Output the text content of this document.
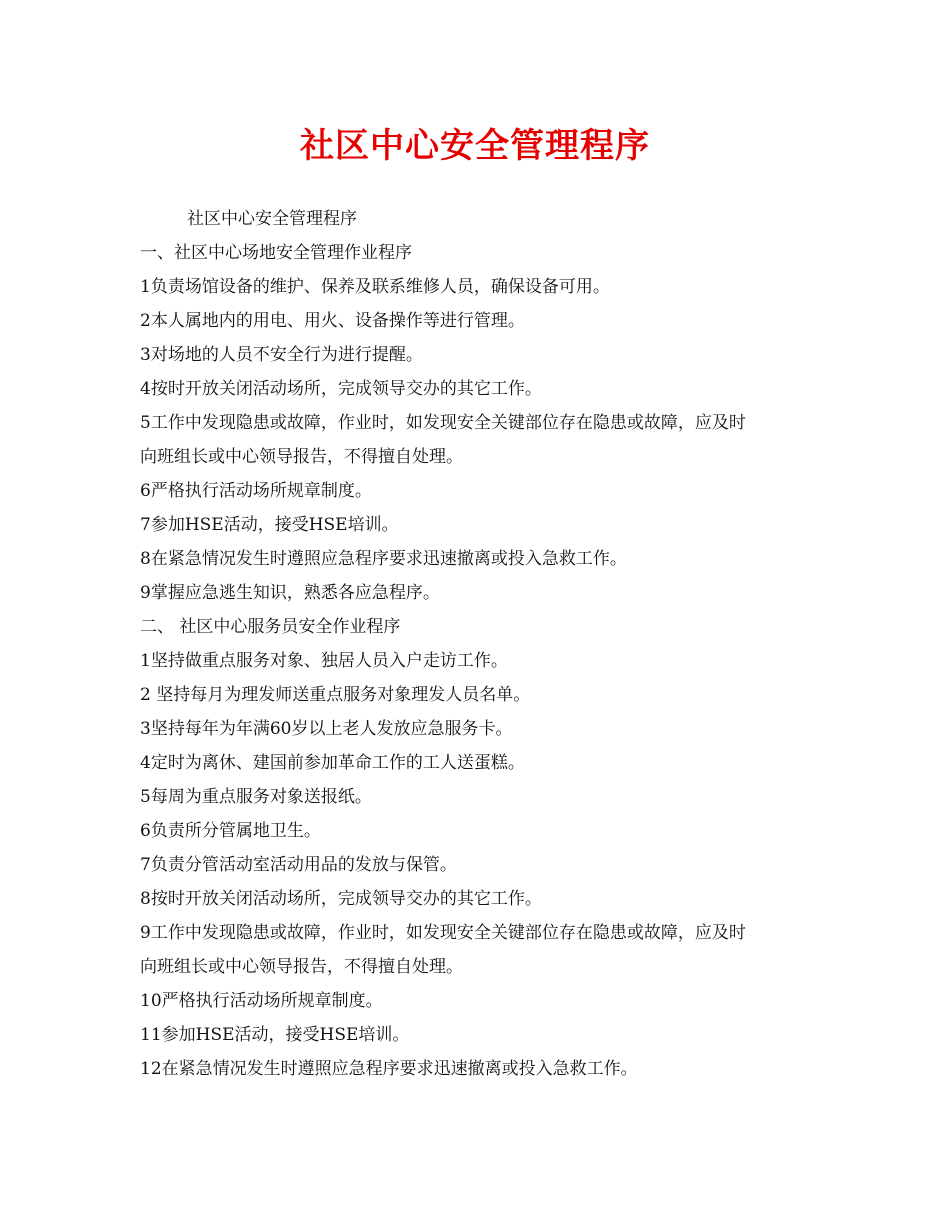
社区中心安全管理程序

社区中心安全管理程序

一、社区中心场地安全管理作业程序

1负责场馆设备的维护、保养及联系维修人员，确保设备可用。

2本人属地内的用电、用火、设备操作等进行管理。

3对场地的人员不安全行为进行提醒。

4按时开放关闭活动场所，完成领导交办的其它工作。

5工作中发现隐患或故障，作业时，如发现安全关键部位存在隐患或故障，应及时

向班组长或中心领导报告，不得擅自处理。

6严格执行活动场所规章制度。

7参加HSE活动，接受HSE培训。

8在紧急情况发生时遵照应急程序要求迅速撤离或投入急救工作。

9掌握应急逃生知识，熟悉各应急程序。

二、 社区中心服务员安全作业程序

1坚持做重点服务对象、独居人员入户走访工作。

2 坚持每月为理发师送重点服务对象理发人员名单。

3坚持每年为年满60岁以上老人发放应急服务卡。

4定时为离休、建国前参加革命工作的工人送蛋糕。

5每周为重点服务对象送报纸。

6负责所分管属地卫生。

7负责分管活动室活动用品的发放与保管。

8按时开放关闭活动场所，完成领导交办的其它工作。

9工作中发现隐患或故障，作业时，如发现安全关键部位存在隐患或故障，应及时

向班组长或中心领导报告，不得擅自处理。

10严格执行活动场所规章制度。

11参加HSE活动，接受HSE培训。

12在紧急情况发生时遵照应急程序要求迅速撤离或投入急救工作。
